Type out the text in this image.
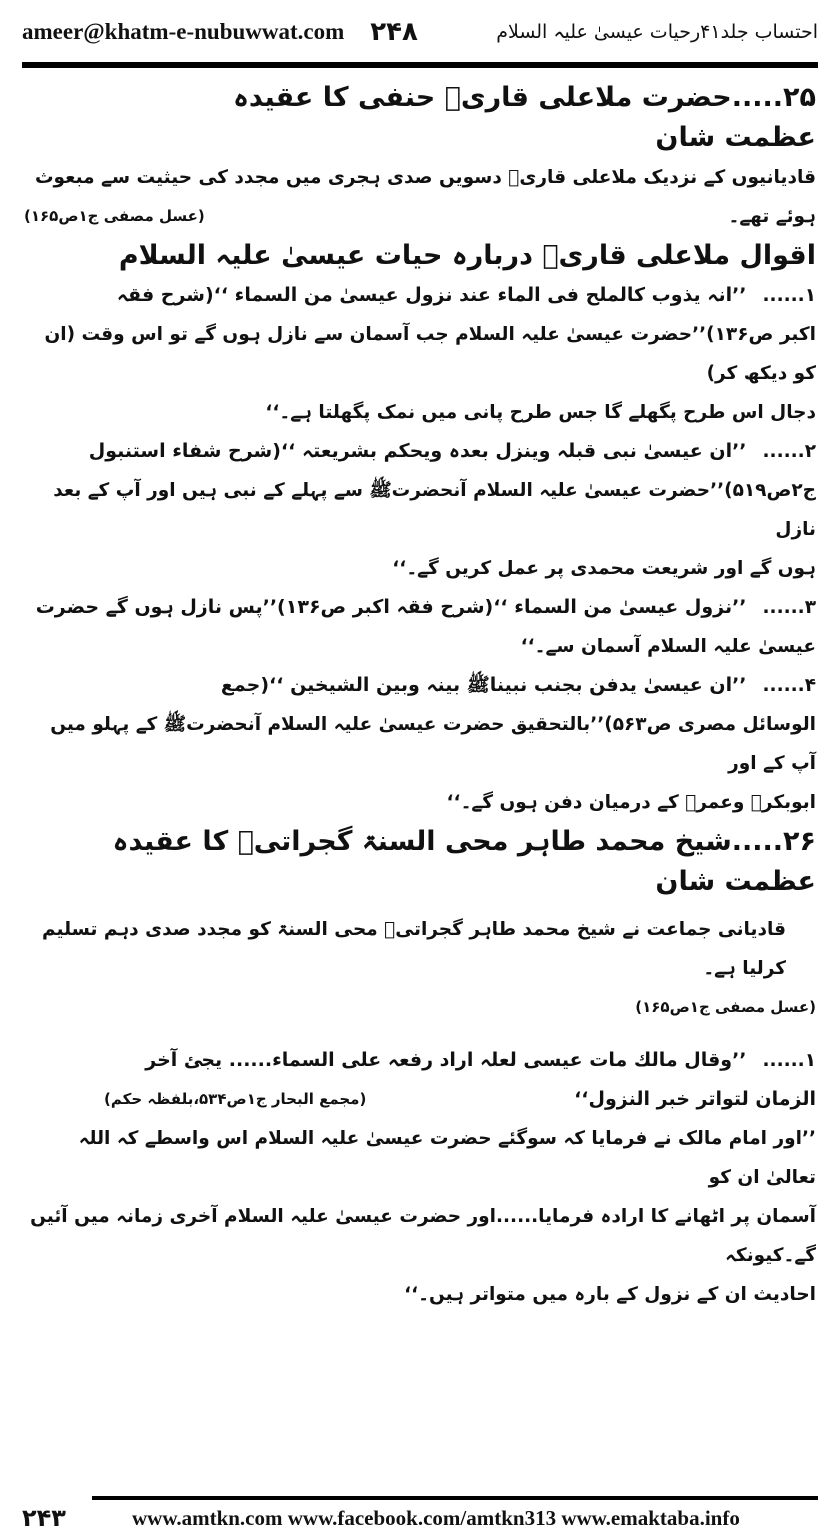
ameer@khatm-e-nubuwwat.com ۲۴۸	احتساب جلد۴۱رحیات عیسیٰ علیہ السلام
۲۵.....حضرت ملاعلی قاریؒ حنفی کا عقیدہ
عظمت شان
قادیانیوں کے نزدیک ملاعلی قاریؒ دسویں صدی ہجری میں مجدد کی حیثیت سے مبعوث
ہوئے تھے۔
(عسل مصفی ج۱ص۱۶۵)
اقوال ملاعلی قاریؒ دربارہ حیات عیسیٰ علیہ السلام
۱......’’انہ یذوب کالملح فی الماء عند نزول عیسیٰ من السماء ‘‘(شرح فقہ
اکبر ص۱۳۶)’’حضرت عیسیٰ علیہ السلام جب آسمان سے نازل ہوں گے تو اس وقت (ان کو دیکھ کر)
دجال اس طرح پگھلے گا جس طرح پانی میں نمک پگھلتا ہے۔‘‘
۲......’’ان عیسیٰ نبی قبلہ وینزل بعدہ ویحکم بشریعتہ ‘‘(شرح شفاء استنبول
ج۲ص۵۱۹)’’حضرت عیسیٰ علیہ السلام آنحضرتﷺ سے پہلے کے نبی ہیں اور آپ کے بعد نازل
ہوں گے اور شریعت محمدی پر عمل کریں گے۔‘‘
۳......’’نزول عیسیٰ من السماء ‘‘(شرح فقہ اکبر ص۱۳۶)’’پس نازل ہوں گے حضرت
عیسیٰ علیہ السلام آسمان سے۔‘‘
۴......’’ان عیسیٰ یدفن بجنب نبیناﷺ بینہ وبین الشیخین ‘‘(جمع
الوسائل مصری ص۵۶۳)’’بالتحقیق حضرت عیسیٰ علیہ السلام آنحضرتﷺ کے پہلو میں آپ کے اور
ابوبکرؓ وعمرؓ کے درمیان دفن ہوں گے۔‘‘
۲۶.....شیخ محمد طاہر محی السنۃ گجراتیؒ کا عقیدہ
عظمت شان
قادیانی جماعت نے شیخ محمد طاہر گجراتیؒ محی السنۃ کو مجدد صدی دہم تسلیم کرلیا ہے۔
(عسل مصفی ج۱ص۱۶۵)
۱......’’وقال مالك مات عیسی لعلہ اراد رفعہ علی السماء...... یجئ آخر
الزمان لتواتر خبر النزول‘‘
(مجمع البحار ج۱ص۵۳۴،بلفظہ حکم)
’’اور امام مالک نے فرمایا کہ سوگئے حضرت عیسیٰ علیہ السلام اس واسطے کہ اللہ تعالیٰ ان کو
آسمان پر اٹھانے کا ارادہ فرمایا......اور حضرت عیسیٰ علیہ السلام آخری زمانہ میں آئیں گے۔کیونکہ
احادیث ان کے نزول کے بارہ میں متواتر ہیں۔‘‘
۲۴۳	www.amtkn.com www.facebook.com/amtkn313 www.emaktaba.info
